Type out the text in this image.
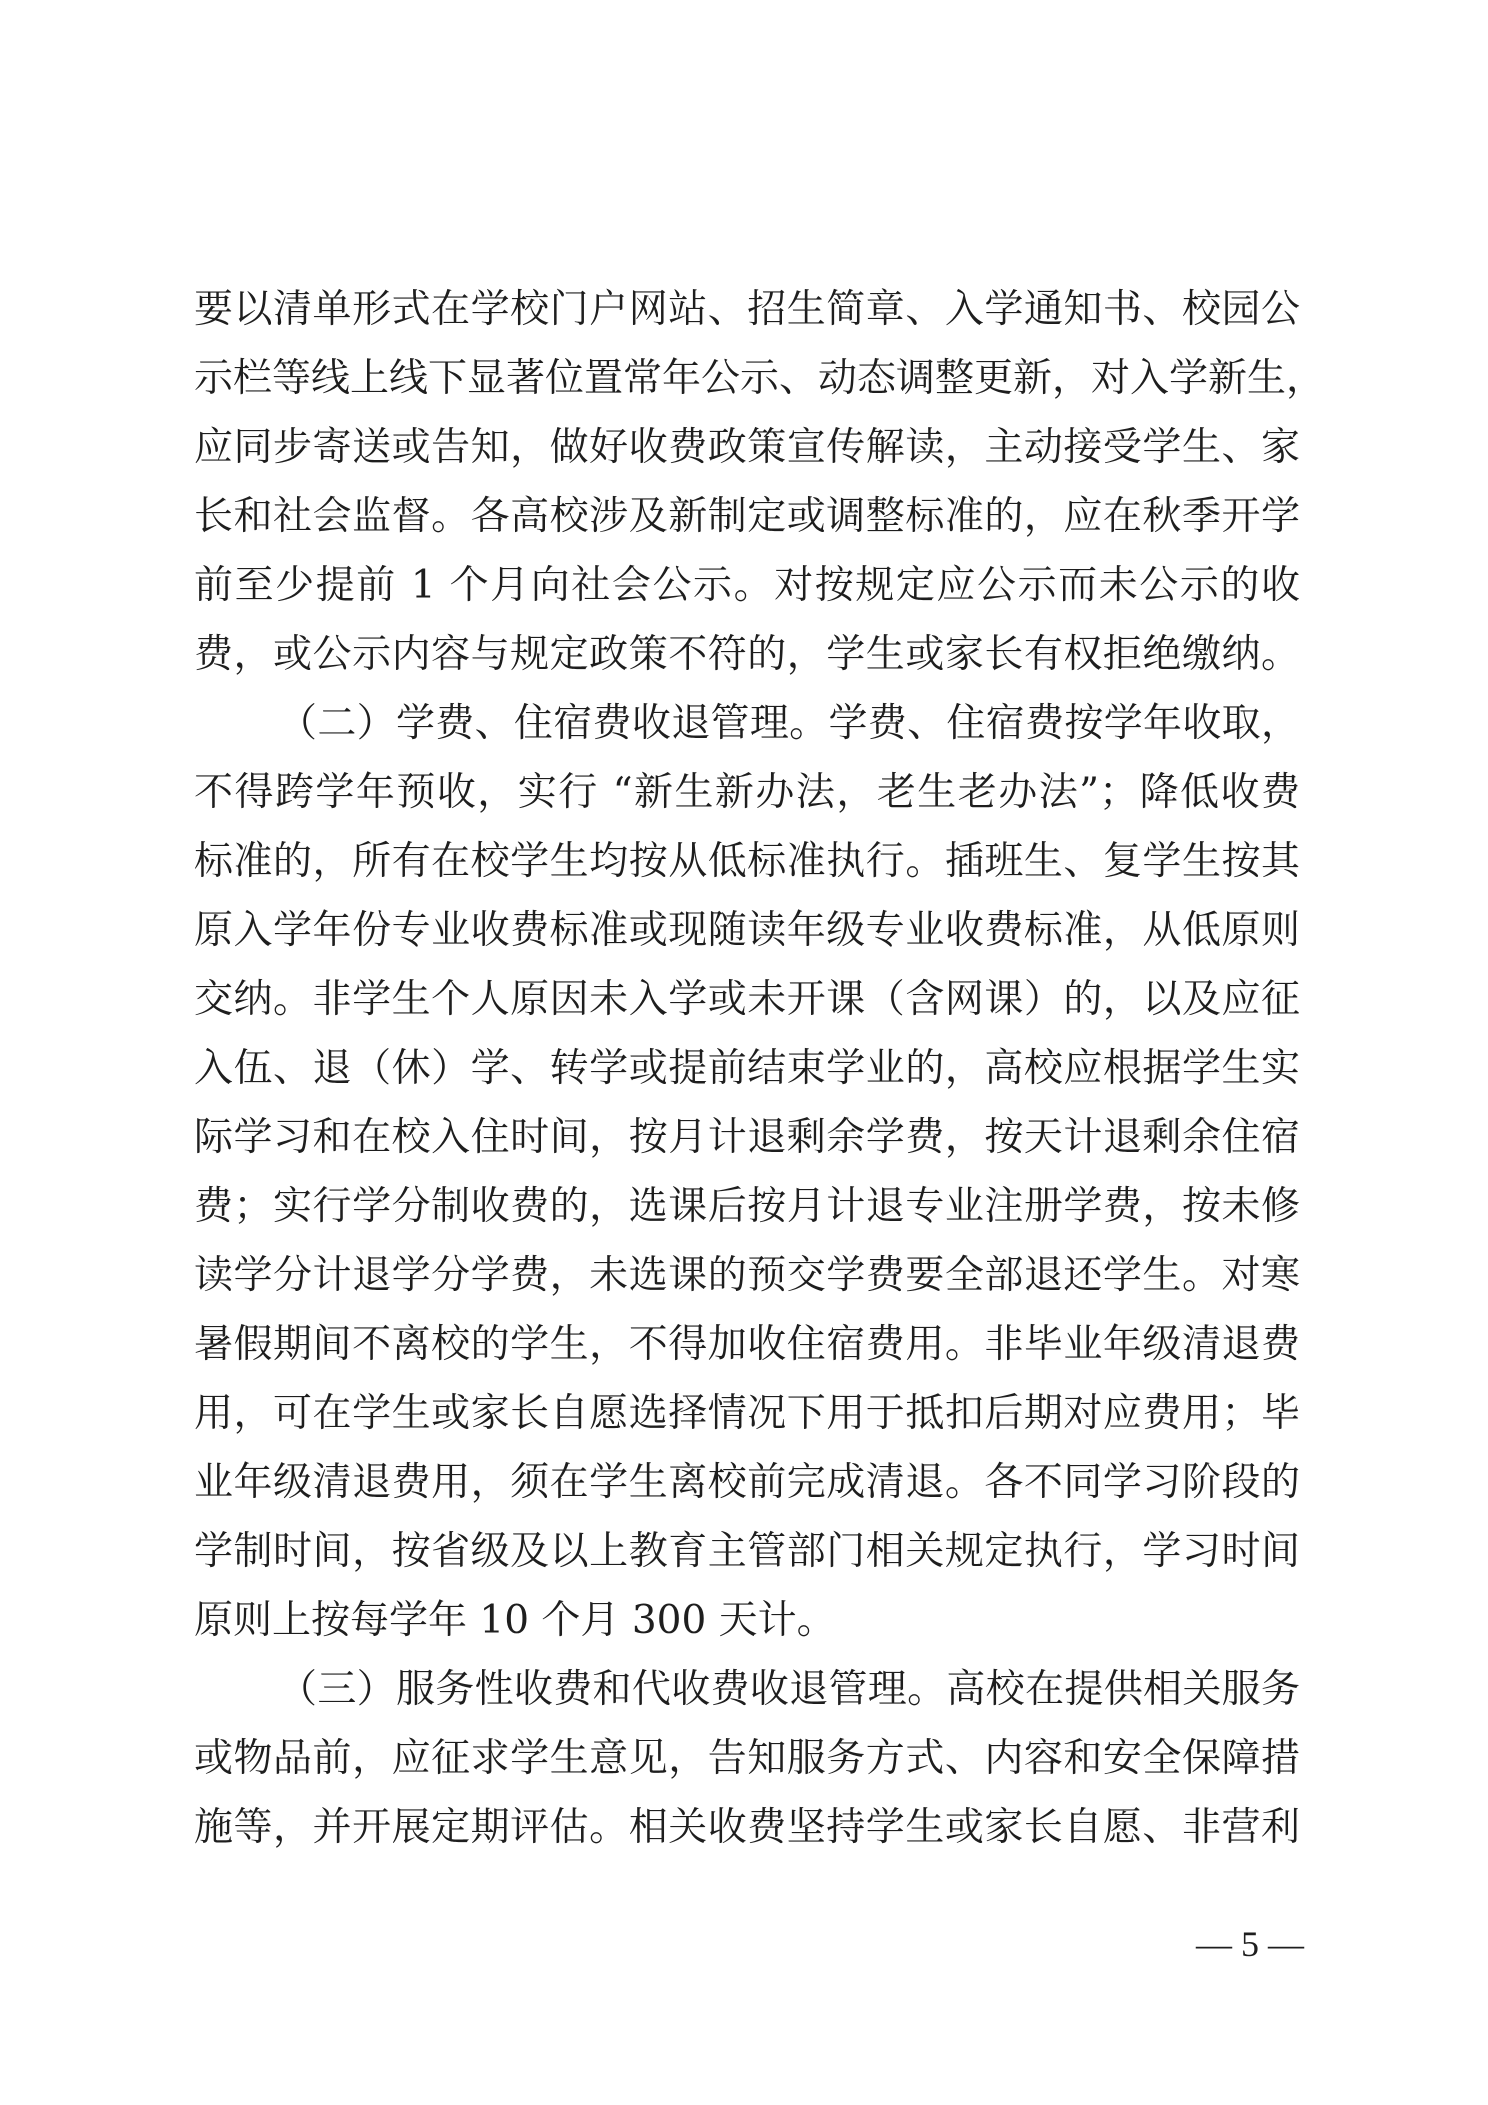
要以清单形式在学校门户网站、招生简章、入学通知书、校园公
示栏等线上线下显著位置常年公示、动态调整更新，对入学新生，
应同步寄送或告知，做好收费政策宣传解读，主动接受学生、家
长和社会监督。各高校涉及新制定或调整标准的，应在秋季开学
前至少提前 1 个月向社会公示。对按规定应公示而未公示的收
费，或公示内容与规定政策不符的，学生或家长有权拒绝缴纳。
（二）学费、住宿费收退管理。学费、住宿费按学年收取，
不得跨学年预收，实行 “新生新办法，老生老办法”；降低收费
标准的，所有在校学生均按从低标准执行。插班生、复学生按其
原入学年份专业收费标准或现随读年级专业收费标准，从低原则
交纳。非学生个人原因未入学或未开课（含网课）的，以及应征
入伍、退（休）学、转学或提前结束学业的，高校应根据学生实
际学习和在校入住时间，按月计退剩余学费，按天计退剩余住宿
费；实行学分制收费的，选课后按月计退专业注册学费，按未修
读学分计退学分学费，未选课的预交学费要全部退还学生。对寒
暑假期间不离校的学生，不得加收住宿费用。非毕业年级清退费
用，可在学生或家长自愿选择情况下用于抵扣后期对应费用；毕
业年级清退费用，须在学生离校前完成清退。各不同学习阶段的
学制时间，按省级及以上教育主管部门相关规定执行，学习时间
原则上按每学年 10 个月 300 天计。
（三）服务性收费和代收费收退管理。高校在提供相关服务
或物品前，应征求学生意见，告知服务方式、内容和安全保障措
施等，并开展定期评估。相关收费坚持学生或家长自愿、非营利
— 5 —
